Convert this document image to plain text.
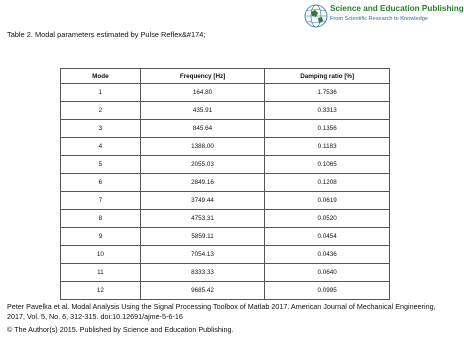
Science and Education Publishing
From Scientific Research to Knowledge
Table 2. Modal parameters estimated by Pulse Reflex&#174;
Mode	Frequency [Hz]	Damping ratio [%]
1	164.80	1.7536
2	435.91	0.3313
3	845.64	0.1356
4	1388.00	0.1183
5	2055.03	0.1065
6	2849.16	0.1208
7	3749.44	0.0619
8	4753.31	0.0520
9	5859.11	0.0454
10	7054.13	0.0436
11	8333.33	0.0640
12	9685.42	0.0995
Peter Pavelka et al. Modal Analysis Using the Signal Processing Toolbox of Matlab 2017. American Journal of Mechanical Engineering, 2017, Vol. 5, No. 6, 312-315. doi:10.12691/ajme-5-6-16
© The Author(s) 2015. Published by Science and Education Publishing.
